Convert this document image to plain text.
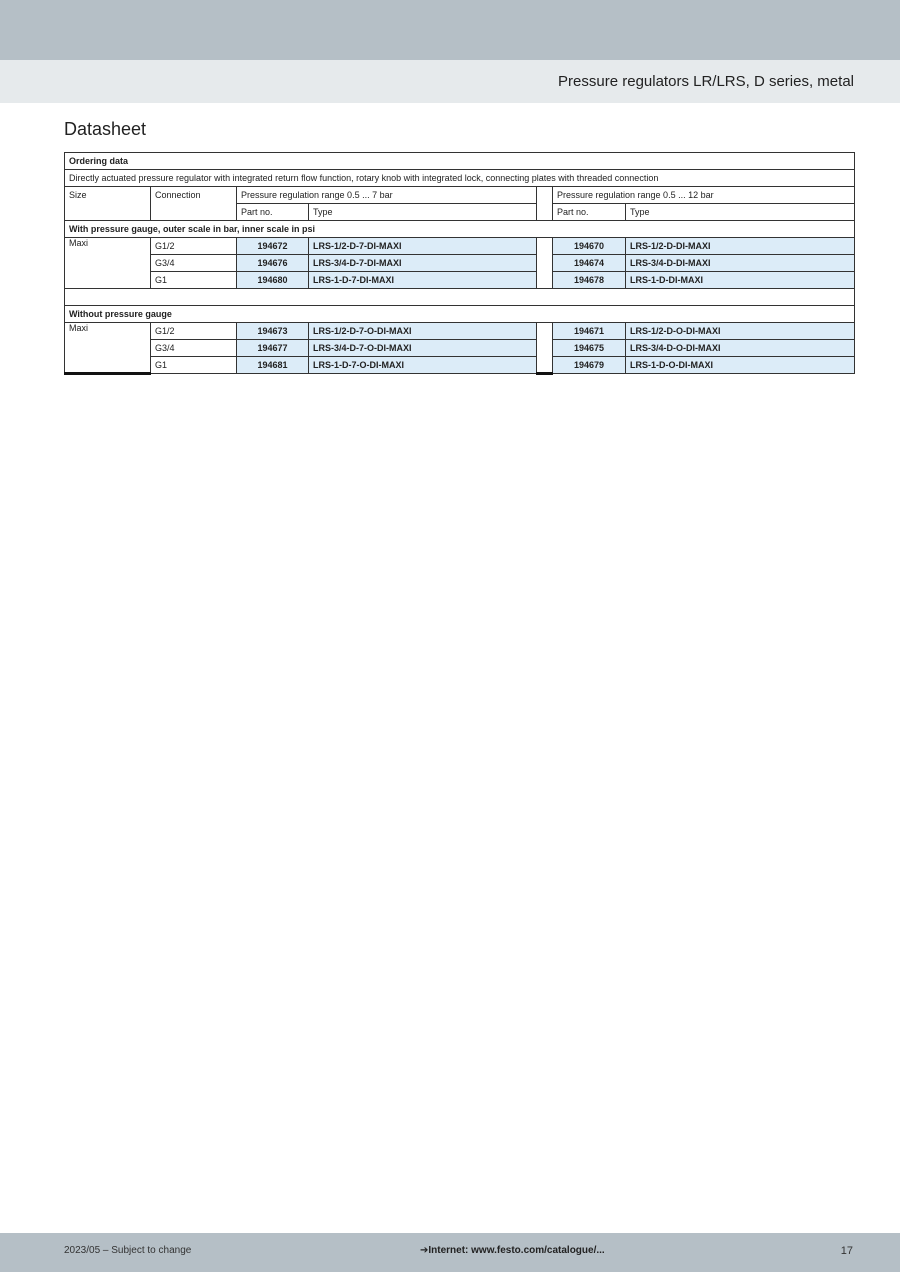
Pressure regulators LR/LRS, D series, metal
Datasheet
Ordering data						
Directly actuated pressure regulator with integrated return flow function, rotary knob with integrated lock, connecting plates with threaded connection						
Size	Connection	Pressure regulation range 0.5 ... 7 bar			Pressure regulation range 0.5 ... 12 bar	
		Part no.	Type		Part no.	Type
With pressure gauge, outer scale in bar, inner scale in psi						
Maxi	G1/2	194672	LRS-1/2-D-7-DI-MAXI		194670	LRS-1/2-D-DI-MAXI
	G3/4	194676	LRS-3/4-D-7-DI-MAXI		194674	LRS-3/4-D-DI-MAXI
	G1	194680	LRS-1-D-7-DI-MAXI		194678	LRS-1-D-DI-MAXI

Without pressure gauge						
Maxi	G1/2	194673	LRS-1/2-D-7-O-DI-MAXI		194671	LRS-1/2-D-O-DI-MAXI
	G3/4	194677	LRS-3/4-D-7-O-DI-MAXI		194675	LRS-3/4-D-O-DI-MAXI
	G1	194681	LRS-1-D-7-O-DI-MAXI		194679	LRS-1-D-O-DI-MAXI
2023/05 – Subject to change	➔Internet: www.festo.com/catalogue/...	17
